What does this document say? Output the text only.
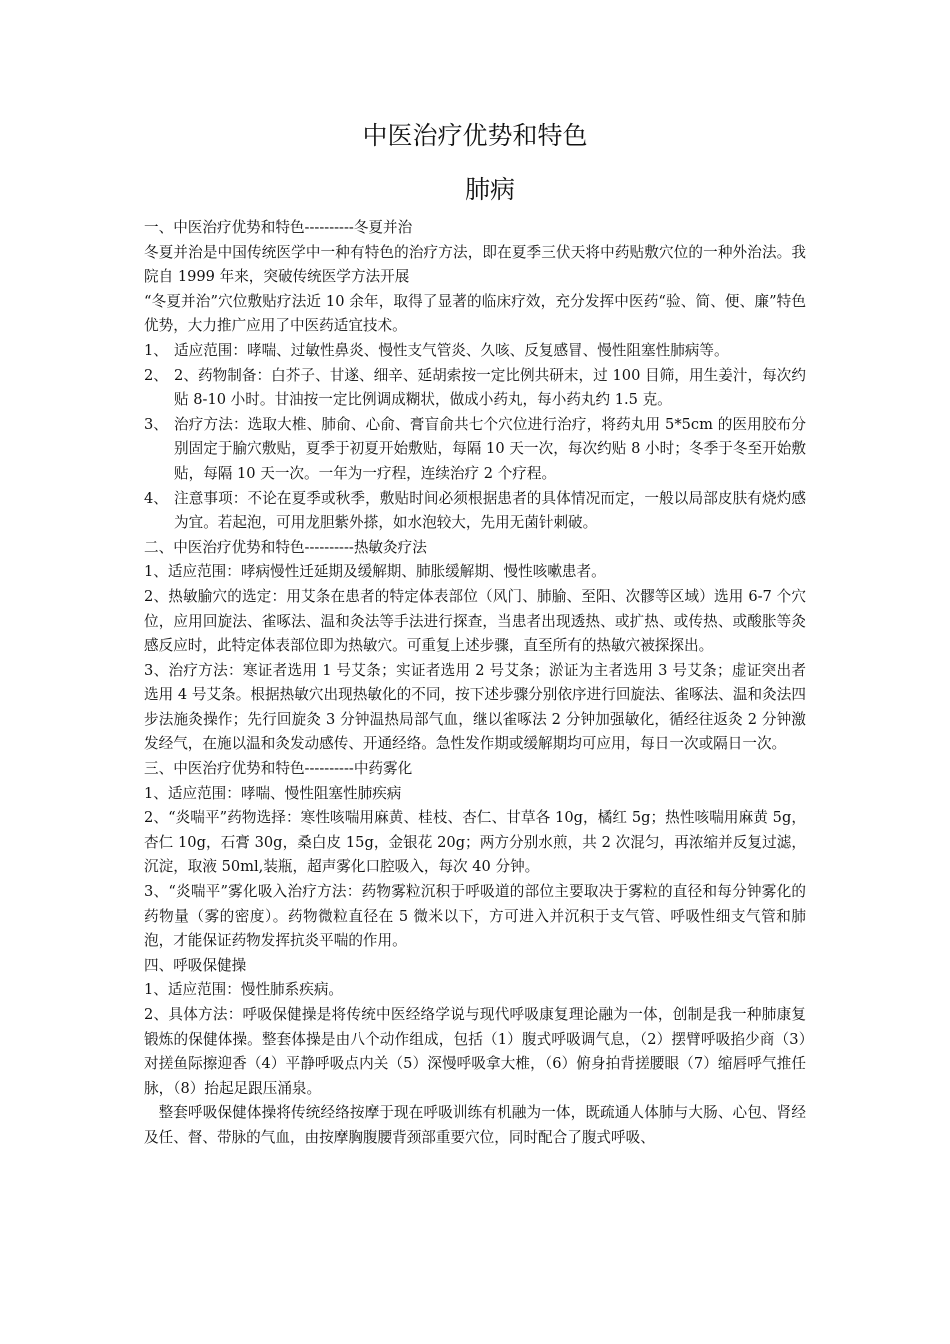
中医治疗优势和特色
肺病

一、中医治疗优势和特色----------冬夏并治

冬夏并治是中国传统医学中一种有特色的治疗方法，即在夏季三伏天将中药贴敷穴位的一种外治法。我院自 1999 年来，突破传统医学方法开展

“冬夏并治”穴位敷贴疗法近 10 余年，取得了显著的临床疗效，充分发挥中医药“验、简、便、廉”特色优势，大力推广应用了中医药适宜技术。

1、 适应范围：哮喘、过敏性鼻炎、慢性支气管炎、久咳、反复感冒、慢性阻塞性肺病等。
2、 2、药物制备：白芥子、甘遂、细辛、延胡索按一定比例共研末，过 100 目筛，用生姜汁，每次约贴 8-10 小时。甘油按一定比例调成糊状，做成小药丸，每小药丸约 1.5 克。
3、 治疗方法：选取大椎、肺俞、心俞、膏盲俞共七个穴位进行治疗，将药丸用 5*5cm 的医用胶布分别固定于腧穴敷贴，夏季于初夏开始敷贴，每隔 10 天一次，每次约贴 8 小时；冬季于冬至开始敷贴，每隔 10 天一次。一年为一疗程，连续治疗 2 个疗程。
4、 注意事项：不论在夏季或秋季，敷贴时间必须根据患者的具体情况而定，一般以局部皮肤有烧灼感为宜。若起泡，可用龙胆紫外搽，如水泡较大，先用无菌针刺破。

二、中医治疗优势和特色----------热敏灸疗法

1、适应范围：哮病慢性迁延期及缓解期、肺胀缓解期、慢性咳嗽患者。

2、热敏腧穴的选定：用艾条在患者的特定体表部位（风门、肺腧、至阳、次髎等区域）选用 6-7 个穴位，应用回旋法、雀啄法、温和灸法等手法进行探查，当患者出现透热、或扩热、或传热、或酸胀等灸感反应时，此特定体表部位即为热敏穴。可重复上述步骤，直至所有的热敏穴被探探出。

3、治疗方法：寒证者选用 1 号艾条；实证者选用 2 号艾条；淤证为主者选用 3 号艾条；虚证突出者选用 4 号艾条。根据热敏穴出现热敏化的不同，按下述步骤分别依序进行回旋法、雀啄法、温和灸法四步法施灸操作；先行回旋灸 3 分钟温热局部气血，继以雀啄法 2 分钟加强敏化，循经往返灸 2 分钟激发经气，在施以温和灸发动感传、开通经络。急性发作期或缓解期均可应用，每日一次或隔日一次。

三、中医治疗优势和特色----------中药雾化

1、适应范围：哮喘、慢性阻塞性肺疾病

2、“炎喘平”药物选择：寒性咳喘用麻黄、桂枝、杏仁、甘草各 10g，橘红 5g；热性咳喘用麻黄 5g，杏仁 10g，石膏 30g，桑白皮 15g，金银花 20g；两方分别水煎，共 2 次混匀，再浓缩并反复过滤，沉淀，取液 50ml,装瓶，超声雾化口腔吸入，每次 40 分钟。

3、“炎喘平”雾化吸入治疗方法：药物雾粒沉积于呼吸道的部位主要取决于雾粒的直径和每分钟雾化的药物量（雾的密度）。药物微粒直径在 5 微米以下，方可进入并沉积于支气管、呼吸性细支气管和肺泡，才能保证药物发挥抗炎平喘的作用。

四、呼吸保健操

1、适应范围：慢性肺系疾病。

2、具体方法：呼吸保健操是将传统中医经络学说与现代呼吸康复理论融为一体，创制是我一种肺康复锻炼的保健体操。整套体操是由八个动作组成，包括（1）腹式呼吸调气息，（2）摆臂呼吸掐少商（3）对搓鱼际擦迎香（4）平静呼吸点内关（5）深慢呼吸拿大椎，（6）俯身拍背搓腰眼（7）缩唇呼气推任脉，（8）抬起足跟压涌泉。

整套呼吸保健体操将传统经络按摩于现在呼吸训练有机融为一体，既疏通人体肺与大肠、心包、肾经及任、督、带脉的气血，由按摩胸腹腰背颈部重要穴位，同时配合了腹式呼吸、
